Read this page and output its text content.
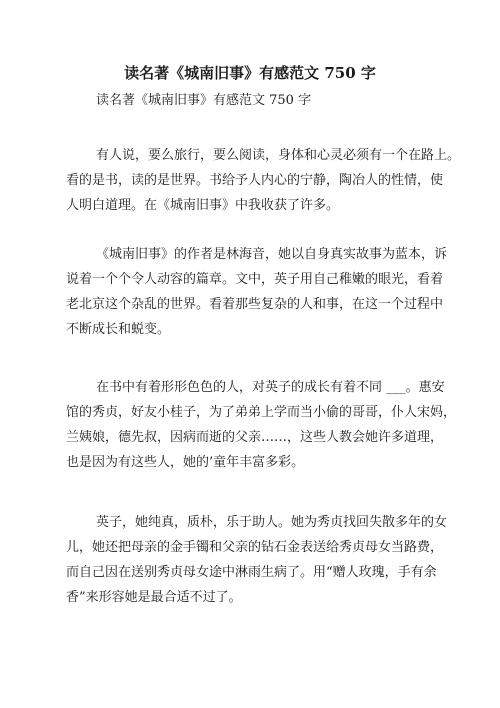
读名著《城南旧事》有感范文 750 字
读名著《城南旧事》有感范文 750 字
有人说，要么旅行，要么阅读，身体和心灵必须有一个在路上。
看的是书，读的是世界。书给予人内心的宁静，陶冶人的性情，使
人明白道理。在《城南旧事》中我收获了许多。
《城南旧事》的作者是林海音，她以自身真实故事为蓝本，诉
说着一个个令人动容的篇章。文中，英子用自己稚嫩的眼光，看着
老北京这个杂乱的世界。看着那些复杂的人和事，在这一个过程中
不断成长和蜕变。
在书中有着形形色色的人，对英子的成长有着不同 ___。惠安
馆的秀贞，好友小桂子，为了弟弟上学而当小偷的哥哥，仆人宋妈，
兰姨娘，德先叔，因病而逝的父亲……，这些人教会她许多道理，
也是因为有这些人，她的’童年丰富多彩。
英子，她纯真，质朴，乐于助人。她为秀贞找回失散多年的女
儿，她还把母亲的金手镯和父亲的钻石金表送给秀贞母女当路费，
而自己因在送别秀贞母女途中淋雨生病了。用“赠人玫瑰，手有余
香”来形容她是最合适不过了。
